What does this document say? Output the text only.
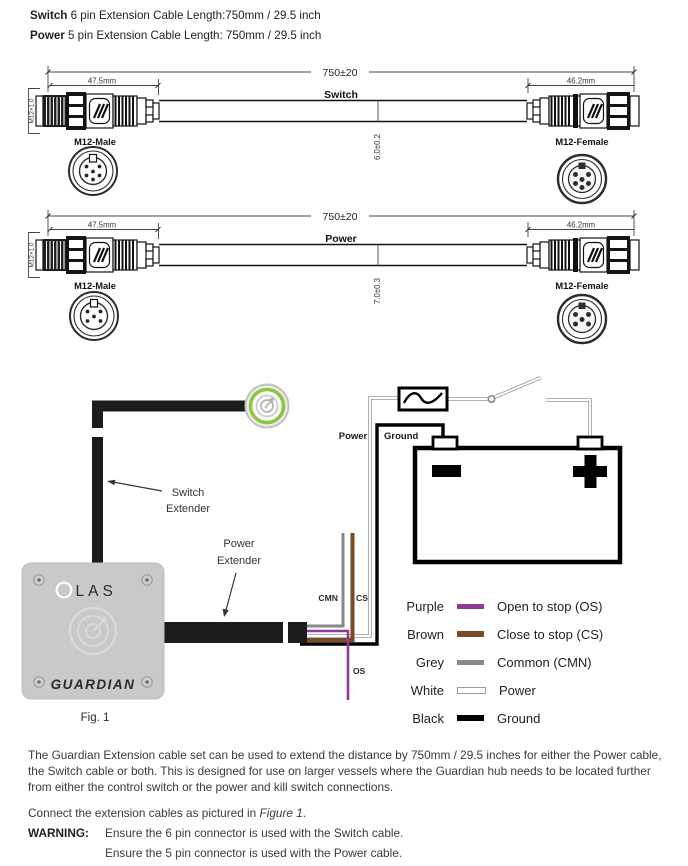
Switch 6 pin Extension Cable Length:750mm / 29.5 inch
Power 5 pin Extension Cable Length: 750mm / 29.5 inch
750±20
Switch
47.5mm	46.2mm
M12×1.0
6.0±0.2
M12-Male	M12-Female
750±20
Power
47.5mm	46.2mm
M12×1.0
7.0±0.3
M12-Male	M12-Female
LAS
GUARDIAN
Fig. 1
Switch
Extender
Power
Extender
Power Ground
CMN CS
OS
Purple	Open to stop (OS)
Brown	Close to stop (CS)
Grey	Common (CMN)
White	Power
Black	Ground

The Guardian Extension cable set can be used to extend the distance by 750mm / 29.5 inches for either the Power cable, the Switch cable or both. This is designed for use on larger vessels where the Guardian hub needs to be located further from either the control switch or the power and kill switch connections.

Connect the extension cables as pictured in Figure 1.
WARNING: Ensure the 6 pin connector is used with the Switch cable.
Ensure the 5 pin connector is used with the Power cable.
